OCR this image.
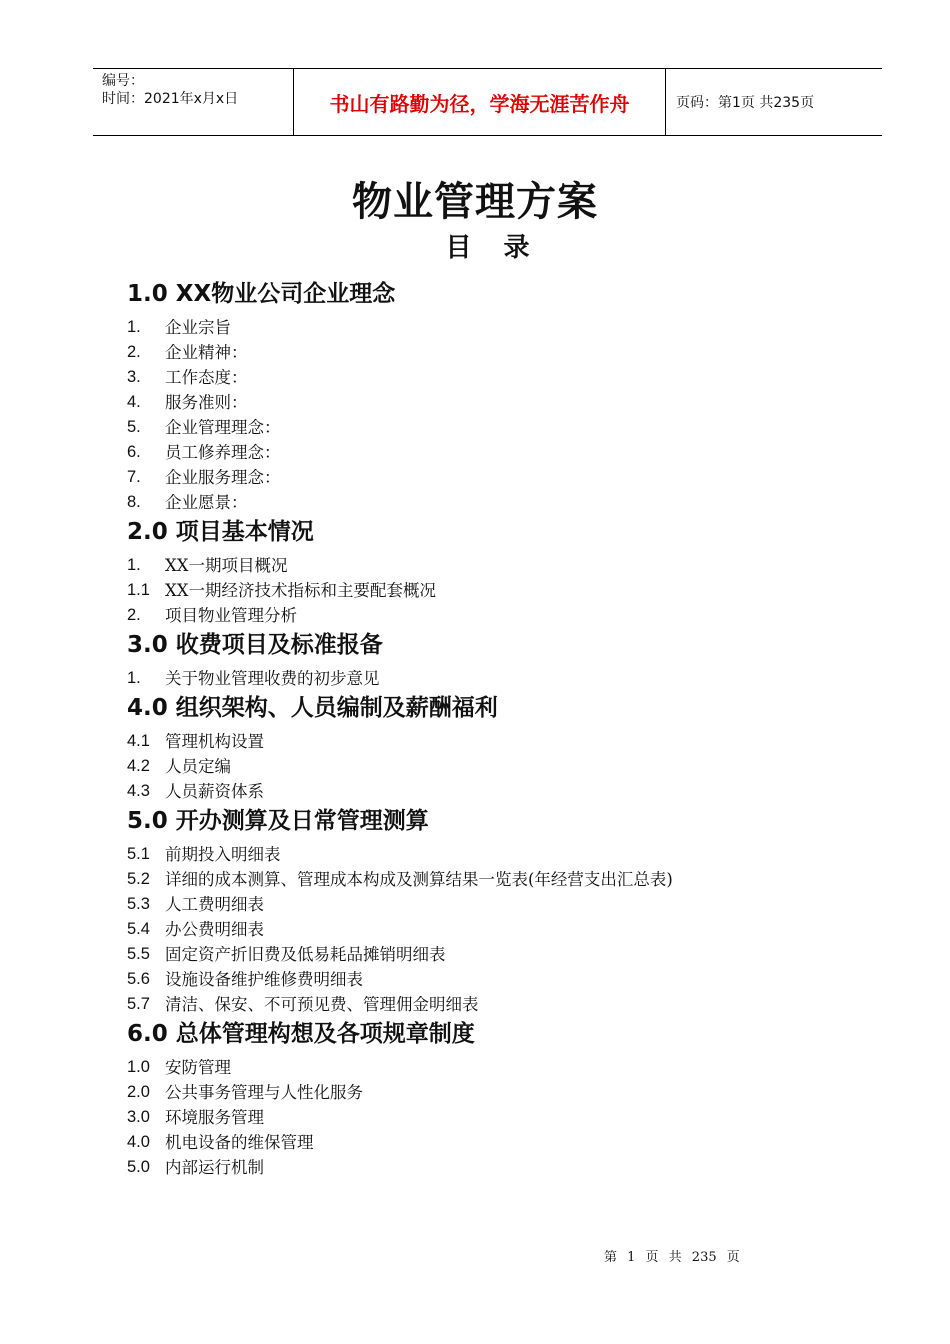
编号：
时间：2021年x月x日	书山有路勤为径，学海无涯苦作舟	页码：第1页 共235页
物业管理方案
目 录
1.0 XX物业公司企业理念
1.	企业宗旨
2.	企业精神：
3.	工作态度：
4.	服务准则：
5.	企业管理理念：
6.	员工修养理念：
7.	企业服务理念：
8.	企业愿景：
2.0 项目基本情况
1.	XX一期项目概况
1.1 XX一期经济技术指标和主要配套概况
2.	项目物业管理分析
3.0 收费项目及标准报备
1.	关于物业管理收费的初步意见
4.0 组织架构、人员编制及薪酬福利
4.1 管理机构设置
4.2 人员定编
4.3 人员薪资体系
5.0 开办测算及日常管理测算
5.1 前期投入明细表
5.2 详细的成本测算、管理成本构成及测算结果一览表(年经营支出汇总表)
5.3 人工费明细表
5.4 办公费明细表
5.5 固定资产折旧费及低易耗品摊销明细表
5.6 设施设备维护维修费明细表
5.7 清洁、保安、不可预见费、管理佣金明细表
6.0 总体管理构想及各项规章制度
1.0 安防管理
2.0 公共事务管理与人性化服务
3.0 环境服务管理
4.0 机电设备的维保管理
5.0 内部运行机制
第 1 页 共 235 页
